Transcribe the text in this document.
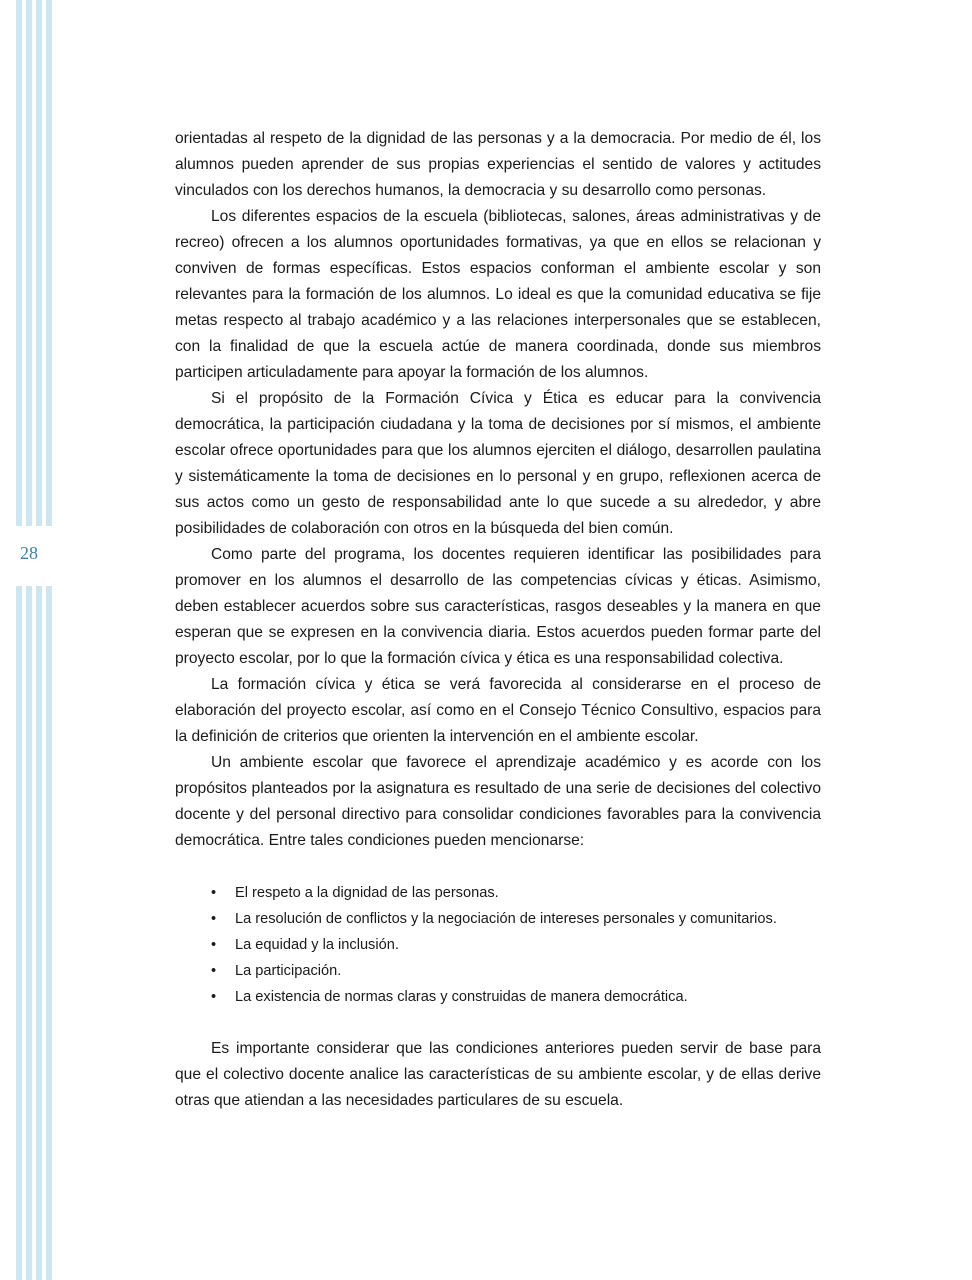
28

orientadas al respeto de la dignidad de las personas y a la democracia. Por medio de él, los alumnos pueden aprender de sus propias experiencias el sentido de valores y actitudes vinculados con los derechos humanos, la democracia y su desarrollo como personas.

Los diferentes espacios de la escuela (bibliotecas, salones, áreas administrativas y de recreo) ofrecen a los alumnos oportunidades formativas, ya que en ellos se relacionan y conviven de formas específicas. Estos espacios conforman el ambiente escolar y son relevantes para la formación de los alumnos. Lo ideal es que la comunidad educativa se fije metas respecto al trabajo académico y a las relaciones interpersonales que se establecen, con la finalidad de que la escuela actúe de manera coordinada, donde sus miembros participen articuladamente para apoyar la formación de los alumnos.

Si el propósito de la Formación Cívica y Ética es educar para la convivencia democrática, la participación ciudadana y la toma de decisiones por sí mismos, el ambiente escolar ofrece oportunidades para que los alumnos ejerciten el diálogo, desarrollen paulatina y sistemáticamente la toma de decisiones en lo personal y en grupo, reflexionen acerca de sus actos como un gesto de responsabilidad ante lo que sucede a su alrededor, y abre posibilidades de colaboración con otros en la búsqueda del bien común.

Como parte del programa, los docentes requieren identificar las posibilidades para promover en los alumnos el desarrollo de las competencias cívicas y éticas. Asimismo, deben establecer acuerdos sobre sus características, rasgos deseables y la manera en que esperan que se expresen en la convivencia diaria. Estos acuerdos pueden formar parte del proyecto escolar, por lo que la formación cívica y ética es una responsabilidad colectiva.

La formación cívica y ética se verá favorecida al considerarse en el proceso de elaboración del proyecto escolar, así como en el Consejo Técnico Consultivo, espacios para la definición de criterios que orienten la intervención en el ambiente escolar.

Un ambiente escolar que favorece el aprendizaje académico y es acorde con los propósitos planteados por la asignatura es resultado de una serie de decisiones del colectivo docente y del personal directivo para consolidar condiciones favorables para la convivencia democrática. Entre tales condiciones pueden mencionarse:

• El respeto a la dignidad de las personas.
• La resolución de conflictos y la negociación de intereses personales y comunitarios.
• La equidad y la inclusión.
• La participación.
• La existencia de normas claras y construidas de manera democrática.

Es importante considerar que las condiciones anteriores pueden servir de base para que el colectivo docente analice las características de su ambiente escolar, y de ellas derive otras que atiendan a las necesidades particulares de su escuela.
